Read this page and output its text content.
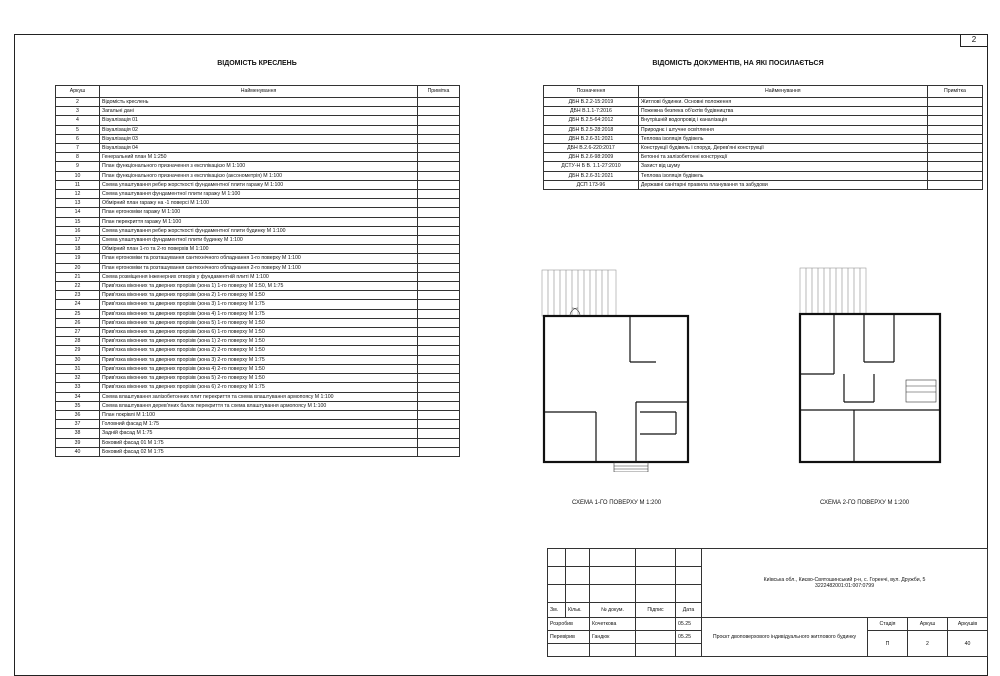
2
ВІДОМІСТЬ КРЕСЛЕНЬ
Аркуш	Найменування	Примітка
2	Відомість креслень	
3	Загальні дані	
4	Візуалізація 01	
5	Візуалізація 02	
6	Візуалізація 03	
7	Візуалізація 04	
8	Генеральний план М 1:250	
9	План функціонального призначення з експлікацією М 1:100	
10	План функціонального призначення з експлікацією (аксонометрія) М 1:100	
11	Схема улаштування ребер жорсткості фундаментної плити гаражу М 1:100	
12	Схема улаштування фундаментної плити гаражу М 1:100	
13	Обмірний план гаражу на -1 поверсі М 1:100	
14	План ергономіки гаражу М 1:100	
15	План перекриття гаражу М 1:100	
16	Схема улаштування ребер жорсткості фундаментної плити будинку М 1:100	
17	Схема улаштування фундаментної плити будинку М 1:100	
18	Обмірний план 1-го та 2-го поверхів М 1:100	
19	План ергономіки та розташування сантехнічного обладнання 1-го поверху М 1:100	
20	План ергономіки та розташування сантехнічного обладнання 2-го поверху М 1:100	
21	Схема розміщення інженерних отворів у фундаментній плиті М 1:100	
22	Прив'язка віконних та дверних прорізів (зона 1) 1-го поверху М 1:50, М 1:75	
23	Прив'язка віконних та дверних прорізів (зона 2) 1-го поверху М 1:50	
24	Прив'язка віконних та дверних прорізів (зона 3) 1-го поверху М 1:75	
25	Прив'язка віконних та дверних прорізів (зона 4) 1-го поверху М 1:75	
26	Прив'язка віконних та дверних прорізів (зона 5) 1-го поверху М 1:50	
27	Прив'язка віконних та дверних прорізів (зона 6) 1-го поверху М 1:50	
28	Прив'язка віконних та дверних прорізів (зона 1) 2-го поверху М 1:50	
29	Прив'язка віконних та дверних прорізів (зона 2) 2-го поверху М 1:50	
30	Прив'язка віконних та дверних прорізів (зона 3) 2-го поверху М 1:75	
31	Прив'язка віконних та дверних прорізів (зона 4) 2-го поверху М 1:50	
32	Прив'язка віконних та дверних прорізів (зона 5) 2-го поверху М 1:50	
33	Прив'язка віконних та дверних прорізів (зона 6) 2-го поверху М 1:75	
34	Схема влаштування залізобетонних плит перекриття та схема влаштування армопоясу М 1:100	
35	Схема влаштування дерев'яних балок перекриття та схема влаштування армопоясу М 1:100	
36	План покрівлі М 1:100	
37	Головний фасад М 1:75	
38	Задній фасад М 1:75	
39	Боковий фасад 01 М 1:75	
40	Боковий фасад 02 М 1:75	
ВІДОМІСТЬ ДОКУМЕНТІВ, НА ЯКІ ПОСИЛАЄТЬСЯ
Позначення	Найменування	Примітка
ДБН В.2.2-15:2019	Житлові будинки. Основні положення	
ДБН В.1.1-7:2016	Пожежна безпека об'єктів будівництва	
ДБН В.2.5-64:2012	Внутрішній водопровід і каналізація	
ДБН В.2.5-28:2018	Природнє і штучне освітлення	
ДБН В.2.6-31:2021	Теплова ізоляція будівель	
ДБН В.2.6-220:2017	Конструкції будівель і споруд. Дерев'яні конструкції	
ДБН В.2.6-98:2009	Бетонні та залізобетонні конструкції	
ДСТУ-Н Б В. 1.1-27:2010	Захист від шуму	
ДБН В.2.6-31:2021	Теплова ізоляція будівель	
ДСП 173-96	Державні санітарні правила планування та забудови	
СХЕМА 1-ГО ПОВЕРХУ М 1:200	СХЕМА 2-ГО ПОВЕРХУ М 1:200

					Київська обл., Києво-Святошинський р-н, с. Горенчі, вул. Дружби, 5
3222482001:01:007:0799			

Зм.	Кільк.	№ докум.	Підпис	Дата				
Розробив		Кочеткова		05.25	Проєкт двоповерхового індивідуального житлового будинку	Стадія	Аркуш	Аркушів
Перевірив		Гандюк		05.25		П	2	40
